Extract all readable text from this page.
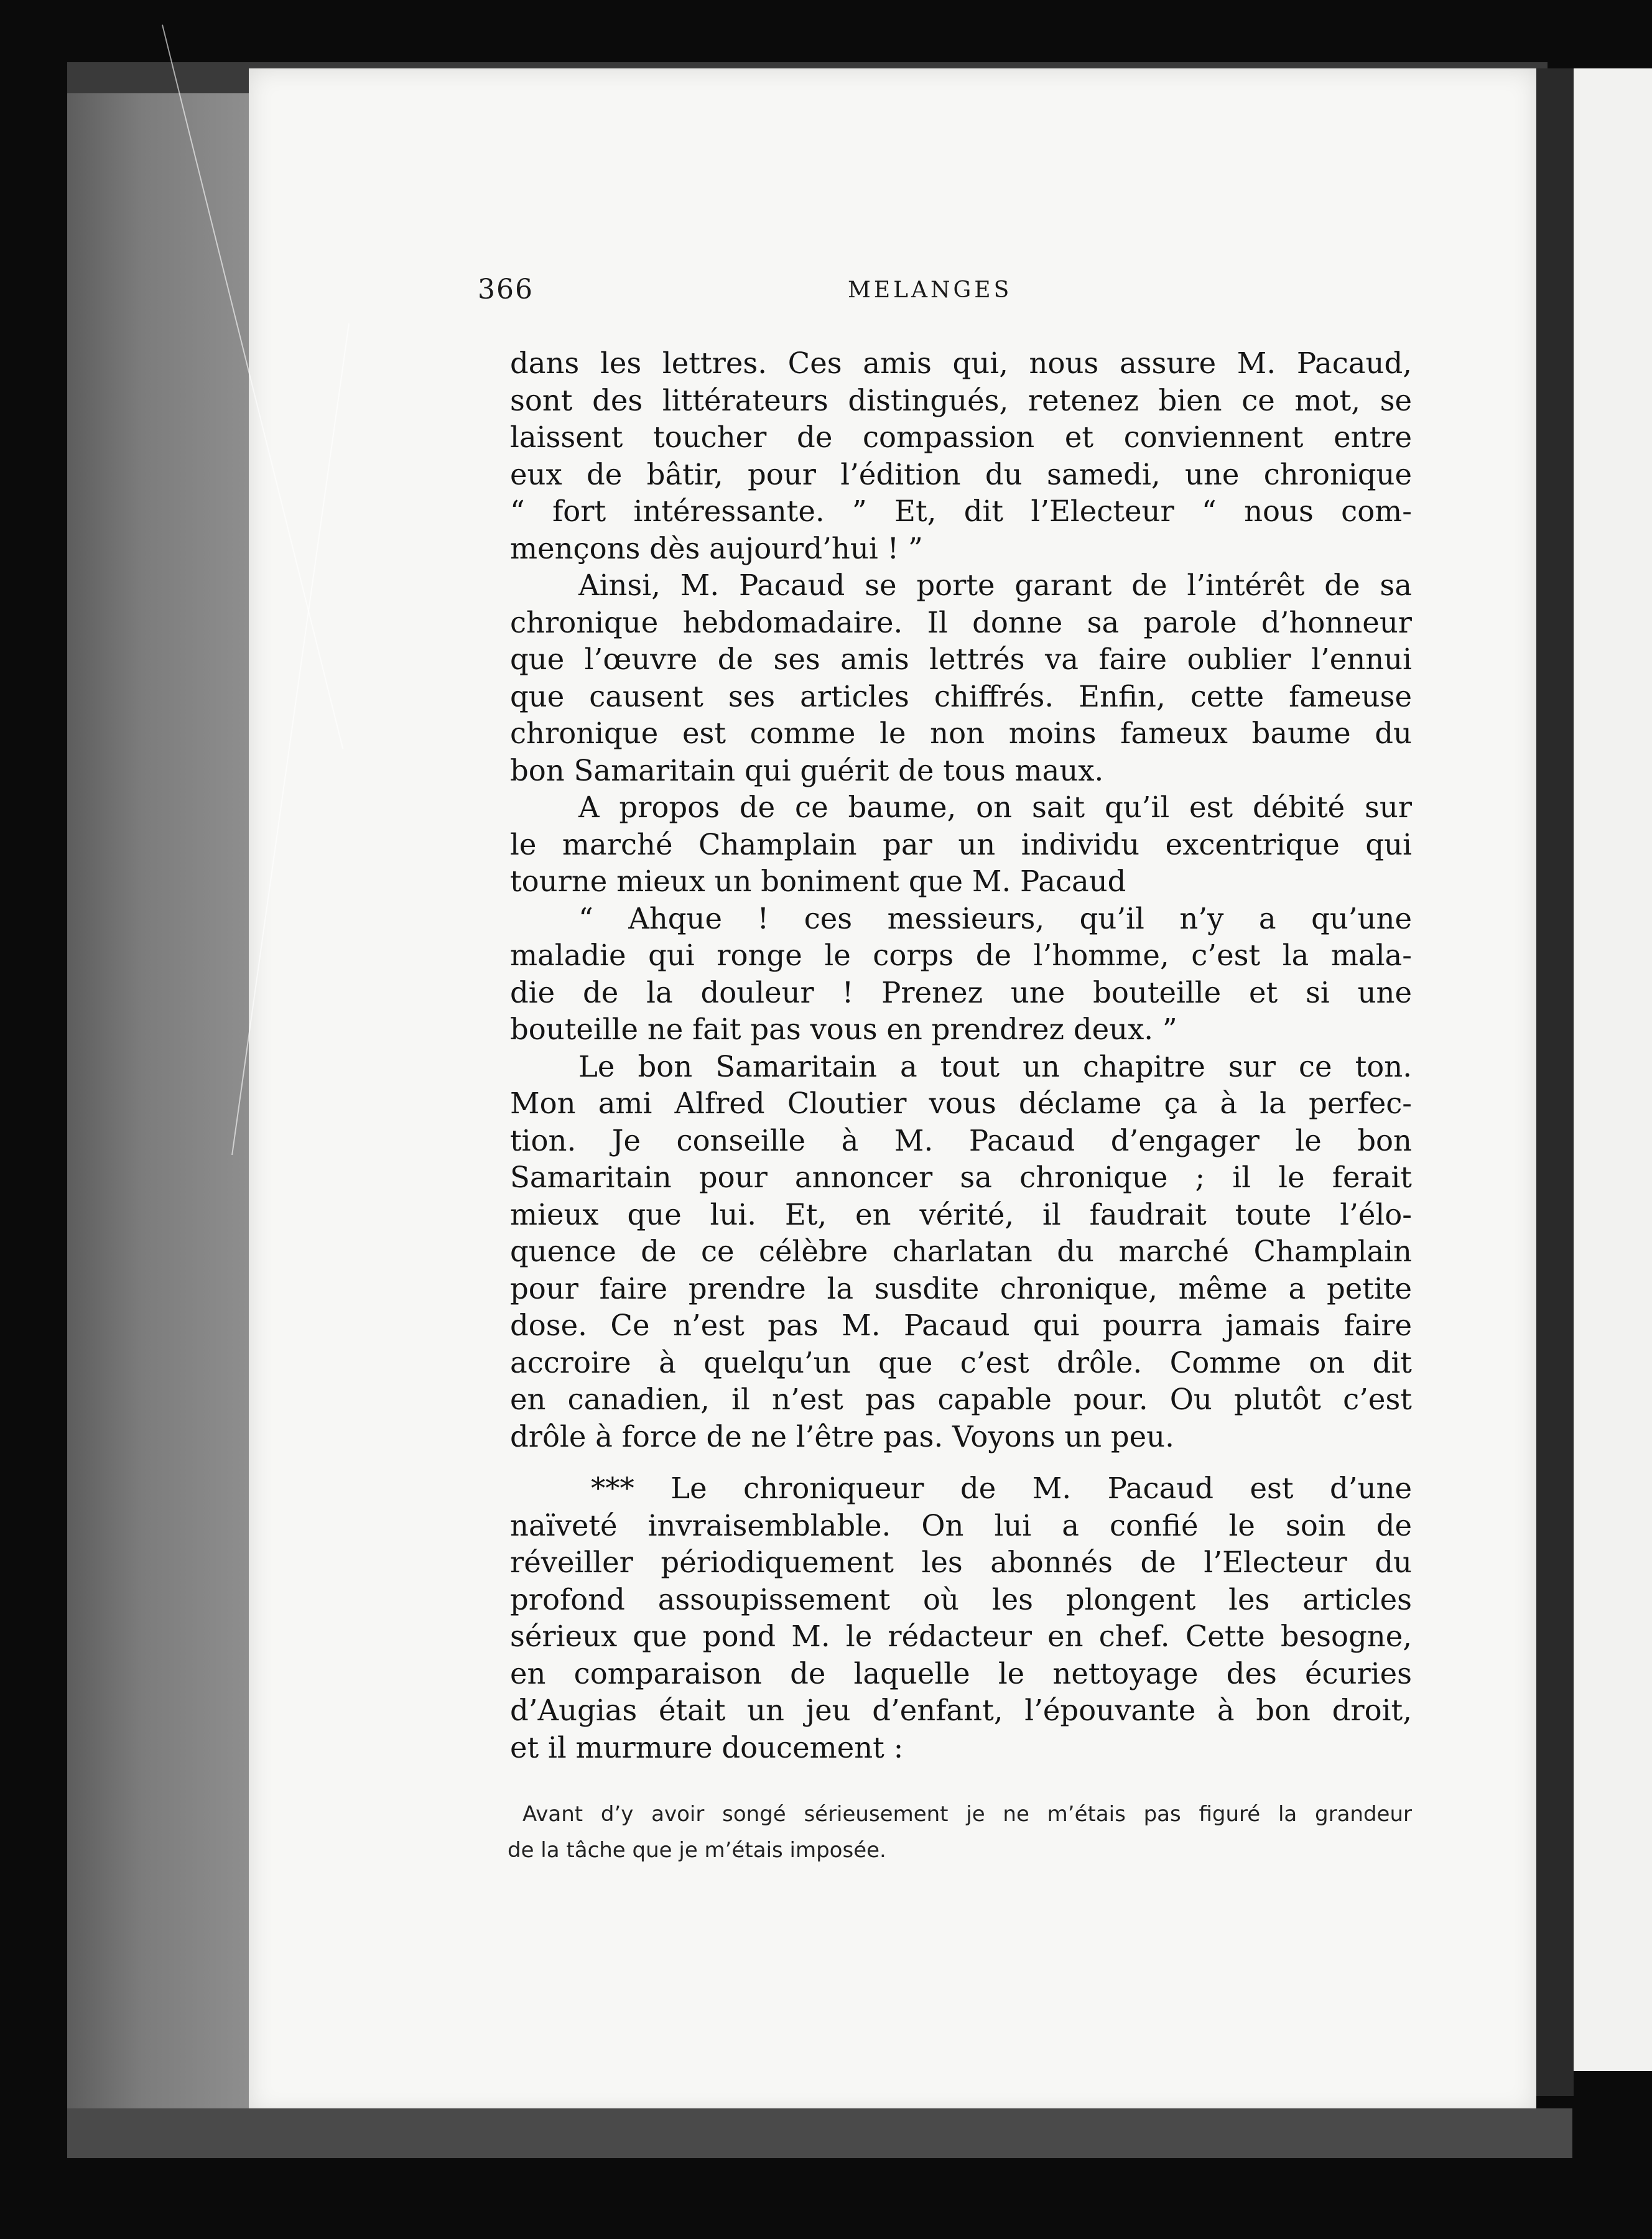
366	MELANGES
dans les lettres. Ces amis qui, nous assure M. Pacaud,
sont des littérateurs distingués, retenez bien ce mot, se
laissent toucher de compassion et conviennent entre
eux de bâtir, pour l’édition du samedi, une chronique
“ fort intéressante. ” Et, dit l’Electeur “ nous com-
mençons dès aujourd’hui ! ”
Ainsi, M. Pacaud se porte garant de l’intérêt de sa
chronique hebdomadaire. Il donne sa parole d’honneur
que l’œuvre de ses amis lettrés va faire oublier l’ennui
que causent ses articles chiffrés. Enfin, cette fameuse
chronique est comme le non moins fameux baume du
bon Samaritain qui guérit de tous maux.
A propos de ce baume, on sait qu’il est débité sur
le marché Champlain par un individu excentrique qui
tourne mieux un boniment que M. Pacaud
“ Ahque ! ces messieurs, qu’il n’y a qu’une
maladie qui ronge le corps de l’homme, c’est la mala-
die de la douleur ! Prenez une bouteille et si une
bouteille ne fait pas vous en prendrez deux. ”
Le bon Samaritain a tout un chapitre sur ce ton.
Mon ami Alfred Cloutier vous déclame ça à la perfec-
tion. Je conseille à M. Pacaud d’engager le bon
Samaritain pour annoncer sa chronique ; il le ferait
mieux que lui. Et, en vérité, il faudrait toute l’élo-
quence de ce célèbre charlatan du marché Champlain
pour faire prendre la susdite chronique, même a petite
dose. Ce n’est pas M. Pacaud qui pourra jamais faire
accroire à quelqu’un que c’est drôle. Comme on dit
en canadien, il n’est pas capable pour. Ou plutôt c’est
drôle à force de ne l’être pas. Voyons un peu.
*** Le chroniqueur de M. Pacaud est d’une
naïveté invraisemblable. On lui a confié le soin de
réveiller périodiquement les abonnés de l’Electeur du
profond assoupissement où les plongent les articles
sérieux que pond M. le rédacteur en chef. Cette besogne,
en comparaison de laquelle le nettoyage des écuries
d’Augias était un jeu d’enfant, l’épouvante à bon droit,
et il murmure doucement :
Avant d’y avoir songé sérieusement je ne m’étais pas figuré la grandeur
de la tâche que je m’étais imposée.
